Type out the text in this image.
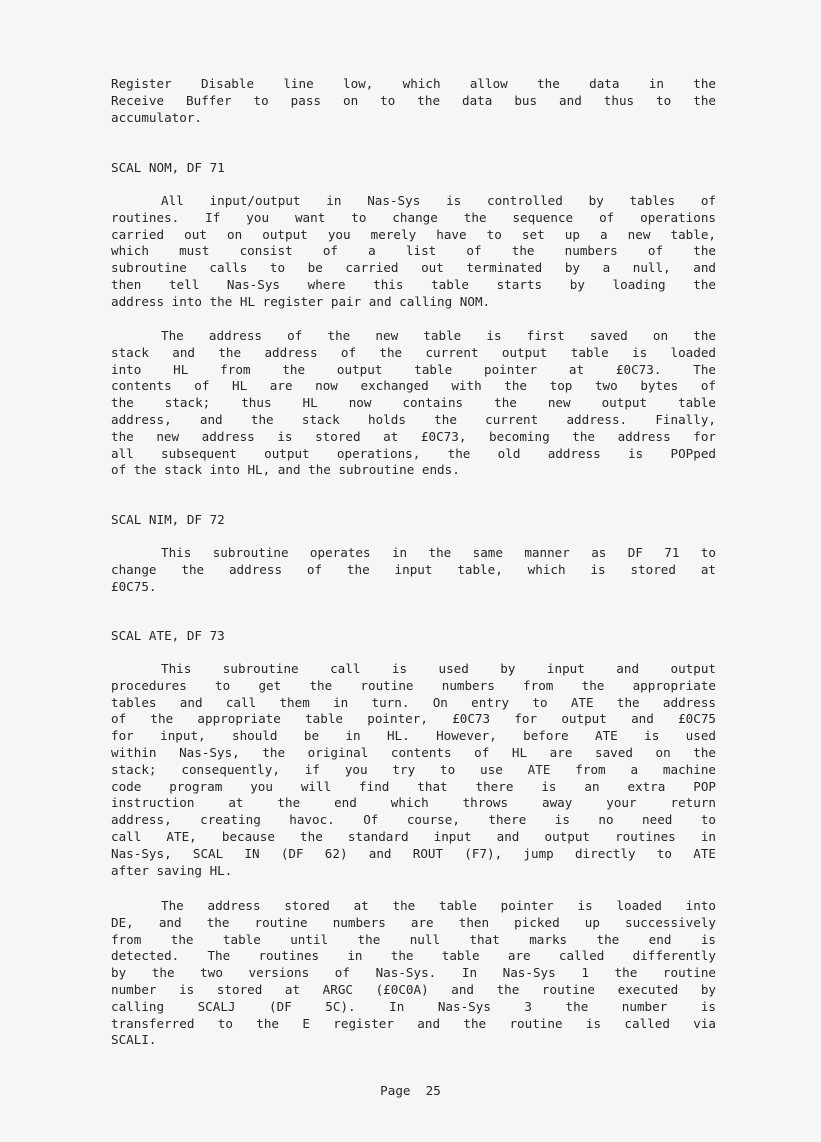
Register Disable line low, which allow the data in the
Receive Buffer to pass on to the data bus and thus to the
accumulator.
SCAL NOM, DF 71
All input/output in Nas-Sys is controlled by tables of
routines. If you want to change the sequence of operations
carried out on output you merely have to set up a new table,
which must consist of a list of the numbers of the
subroutine calls to be carried out terminated by a null, and
then tell Nas-Sys where this table starts by loading the
address into the HL register pair and calling NOM.
The address of the new table is first saved on the
stack and the address of the current output table is loaded
into HL from the output table pointer at £0C73. The
contents of HL are now exchanged with the top two bytes of
the stack; thus HL now contains the new output table
address, and the stack holds the current address. Finally,
the new address is stored at £0C73, becoming the address for
all subsequent output operations, the old address is POPped
of the stack into HL, and the subroutine ends.
SCAL NIM, DF 72
This subroutine operates in the same manner as DF 71 to
change the address of the input table, which is stored at
£0C75.
SCAL ATE, DF 73
This subroutine call is used by input and output
procedures to get the routine numbers from the appropriate
tables and call them in turn. On entry to ATE the address
of the appropriate table pointer, £0C73 for output and £0C75
for input, should be in HL. However, before ATE is used
within Nas-Sys, the original contents of HL are saved on the
stack; consequently, if you try to use ATE from a machine
code program you will find that there is an extra POP
instruction at the end which throws away your return
address, creating havoc. Of course, there is no need to
call ATE, because the standard input and output routines in
Nas-Sys, SCAL IN (DF 62) and ROUT (F7), jump directly to ATE
after saving HL.
The address stored at the table pointer is loaded into
DE, and the routine numbers are then picked up successively
from the table until the null that marks the end is
detected. The routines in the table are called differently
by the two versions of Nas-Sys. In Nas-Sys 1 the routine
number is stored at ARGC (£0C0A) and the routine executed by
calling SCALJ (DF 5C). In Nas-Sys 3 the number is
transferred to the E register and the routine is called via
SCALI.
Page  25
